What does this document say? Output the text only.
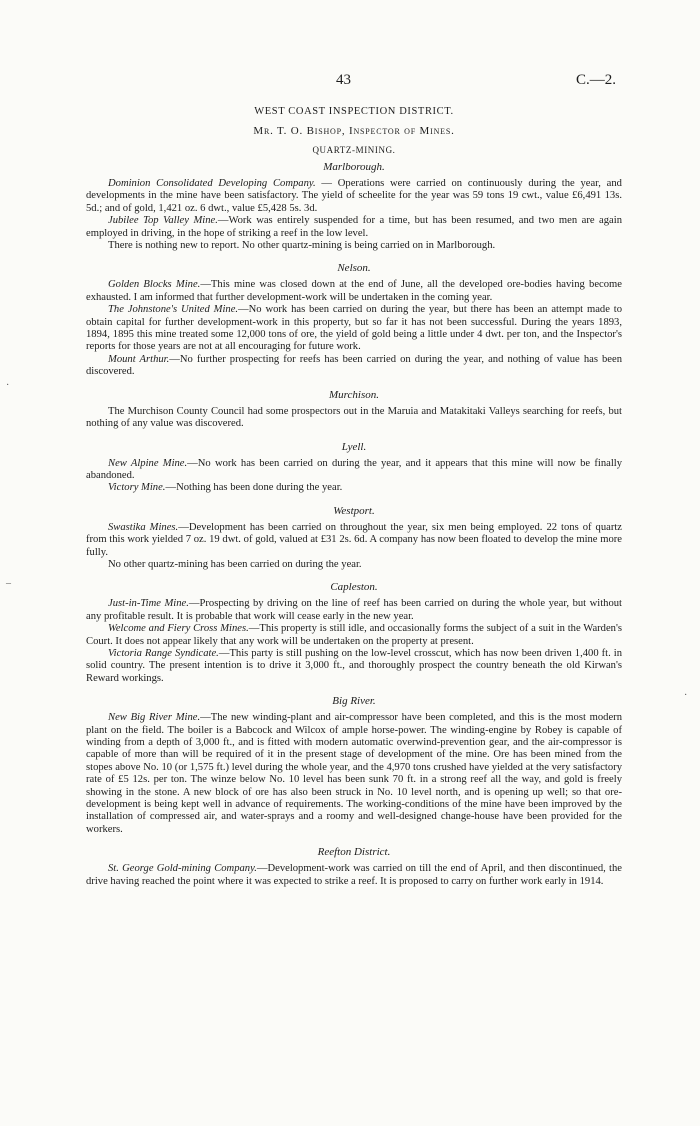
43	C.—2.
·
‒
·
WEST COAST INSPECTION DISTRICT.
Mr. T. O. Bishop, Inspector of Mines.
QUARTZ-MINING.
Marlborough.

Dominion Consolidated Developing Company. — Operations were carried on continuously during the year, and developments in the mine have been satisfactory. The yield of scheelite for the year was 59 tons 19 cwt., value £6,491 13s. 5d.; and of gold, 1,421 oz. 6 dwt., value £5,428 5s. 3d.

Jubilee Top Valley Mine.—Work was entirely suspended for a time, but has been resumed, and two men are again employed in driving, in the hope of striking a reef in the low level.

There is nothing new to report. No other quartz-mining is being carried on in Marlborough.

Nelson.

Golden Blocks Mine.—This mine was closed down at the end of June, all the developed ore-bodies having become exhausted. I am informed that further development-work will be undertaken in the coming year.

The Johnstone's United Mine.—No work has been carried on during the year, but there has been an attempt made to obtain capital for further development-work in this property, but so far it has not been successful. During the years 1893, 1894, 1895 this mine treated some 12,000 tons of ore, the yield of gold being a little under 4 dwt. per ton, and the Inspector's reports for those years are not at all encouraging for future work.

Mount Arthur.—No further prospecting for reefs has been carried on during the year, and nothing of value has been discovered.

Murchison.

The Murchison County Council had some prospectors out in the Maruia and Matakitaki Valleys searching for reefs, but nothing of any value was discovered.

Lyell.

New Alpine Mine.—No work has been carried on during the year, and it appears that this mine will now be finally abandoned.

Victory Mine.—Nothing has been done during the year.

Westport.

Swastika Mines.—Development has been carried on throughout the year, six men being employed. 22 tons of quartz from this work yielded 7 oz. 19 dwt. of gold, valued at £31 2s. 6d. A company has now been floated to develop the mine more fully.

No other quartz-mining has been carried on during the year.

Capleston.

Just-in-Time Mine.—Prospecting by driving on the line of reef has been carried on during the whole year, but without any profitable result. It is probable that work will cease early in the new year.

Welcome and Fiery Cross Mines.—This property is still idle, and occasionally forms the subject of a suit in the Warden's Court. It does not appear likely that any work will be undertaken on the property at present.

Victoria Range Syndicate.—This party is still pushing on the low-level crosscut, which has now been driven 1,400 ft. in solid country. The present intention is to drive it 3,000 ft., and thoroughly prospect the country beneath the old Kirwan's Reward workings.

Big River.

New Big River Mine.—The new winding-plant and air-compressor have been completed, and this is the most modern plant on the field. The boiler is a Babcock and Wilcox of ample horse-power. The winding-engine by Robey is capable of winding from a depth of 3,000 ft., and is fitted with modern automatic overwind-prevention gear, and the air-compressor is capable of more than will be required of it in the present stage of development of the mine. Ore has been mined from the stopes above No. 10 (or 1,575 ft.) level during the whole year, and the 4,970 tons crushed have yielded at the very satisfactory rate of £5 12s. per ton. The winze below No. 10 level has been sunk 70 ft. in a strong reef all the way, and gold is freely showing in the stone. A new block of ore has also been struck in No. 10 level north, and is opening up well; so that ore-development is being kept well in advance of requirements. The working-conditions of the mine have been improved by the installation of compressed air, and water-sprays and a roomy and well-designed change-house have been provided for the workers.

Reefton District.

St. George Gold-mining Company.—Development-work was carried on till the end of April, and then discontinued, the drive having reached the point where it was expected to strike a reef. It is proposed to carry on further work early in 1914.
